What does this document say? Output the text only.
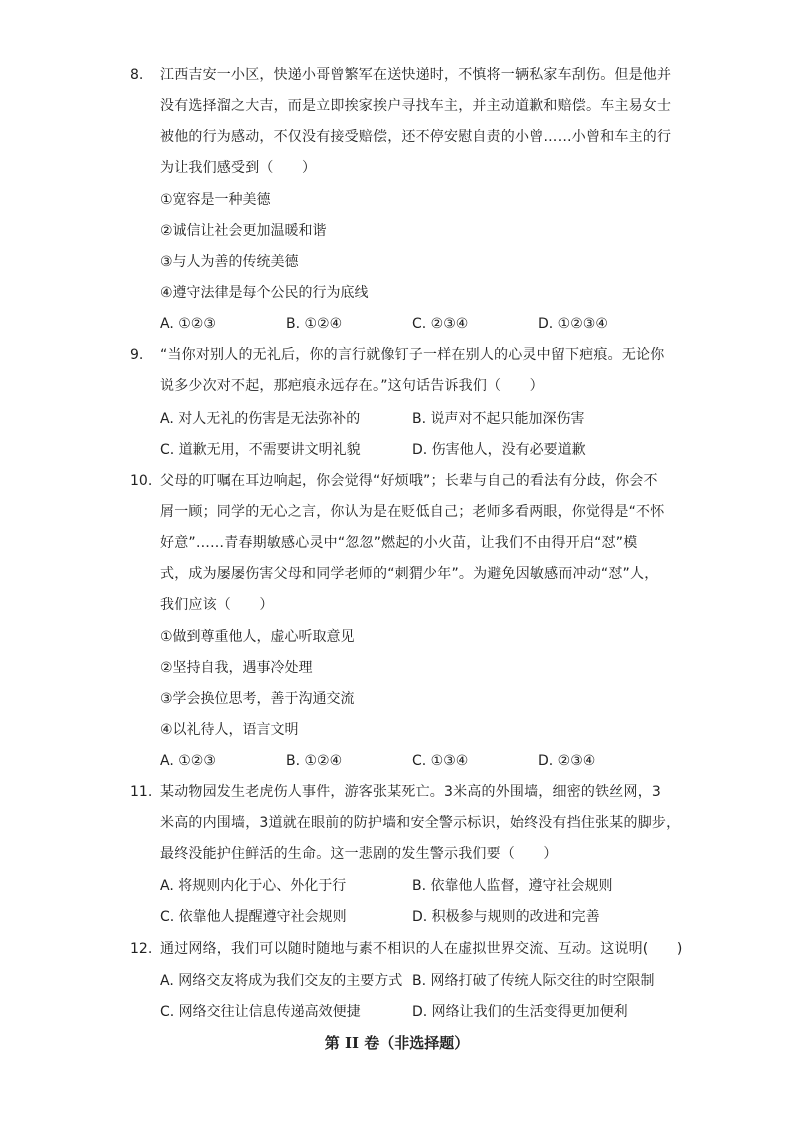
8.	江西吉安一小区，快递小哥曾繁军在送快递时，不慎将一辆私家车刮伤。但是他并
没有选择溜之大吉，而是立即挨家挨户寻找车主，并主动道歉和赔偿。车主易女士
被他的行为感动，不仅没有接受赔偿，还不停安慰自责的小曾……小曾和车主的行
为让我们感受到（　　）
①宽容是一种美德
②诚信让社会更加温暖和谐
③与人为善的传统美德
④遵守法律是每个公民的行为底线
A. ①②③	B. ①②④	C. ②③④	D. ①②③④
9.	“当你对别人的无礼后，你的言行就像钉子一样在别人的心灵中留下疤痕。无论你
说多少次对不起，那疤痕永远存在。”这句话告诉我们（　　）
A. 对人无礼的伤害是无法弥补的	B. 说声对不起只能加深伤害
C. 道歉无用，不需要讲文明礼貌	D. 伤害他人，没有必要道歉
10. 父母的叮嘱在耳边响起，你会觉得“好烦哦”；长辈与自己的看法有分歧，你会不
屑一顾；同学的无心之言，你认为是在贬低自己；老师多看两眼，你觉得是“不怀
好意”……青春期敏感心灵中“忽忽”燃起的小火苗，让我们不由得开启“怼”模
式，成为屡屡伤害父母和同学老师的“刺猬少年”。为避免因敏感而冲动“怼”人，
我们应该（　　）
①做到尊重他人，虚心听取意见
②坚持自我，遇事冷处理
③学会换位思考，善于沟通交流
④以礼待人，语言文明
A. ①②③	B. ①②④	C. ①③④	D. ②③④
11. 某动物园发生老虎伤人事件，游客张某死亡。3米高的外围墙，细密的铁丝网，3
米高的内围墙，3道就在眼前的防护墙和安全警示标识，始终没有挡住张某的脚步，
最终没能护住鲜活的生命。这一悲剧的发生警示我们要（　　）
A. 将规则内化于心、外化于行	B. 依靠他人监督，遵守社会规则
C. 依靠他人提醒遵守社会规则	D. 积极参与规则的改进和完善
12. 通过网络，我们可以随时随地与素不相识的人在虚拟世界交流、互动。这说明(　　)
A. 网络交友将成为我们交友的主要方式 B. 网络打破了传统人际交往的时空限制
C. 网络交往让信息传递高效便捷	D. 网络让我们的生活变得更加便利
第 II 卷（非选择题）
